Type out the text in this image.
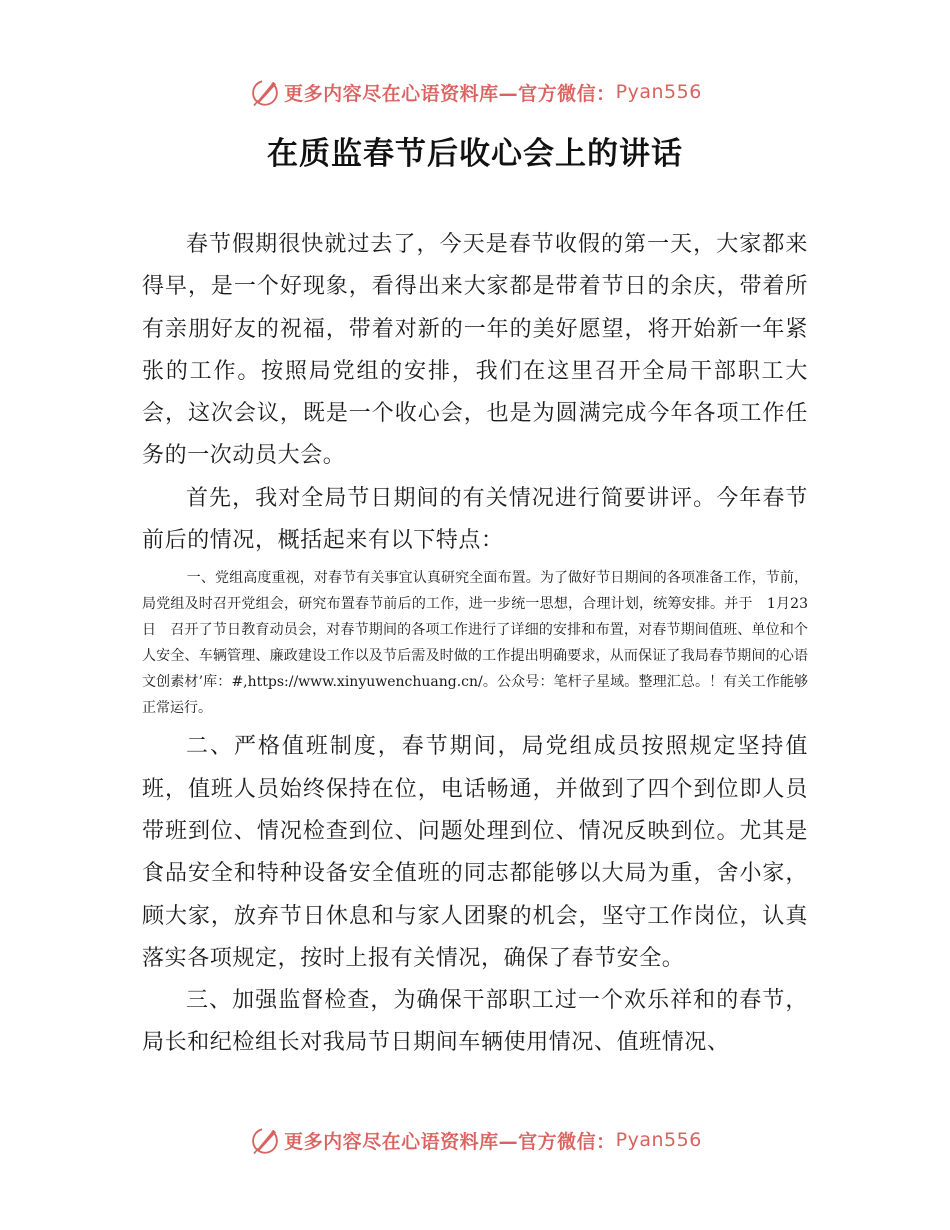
更多内容尽在心语资料库—官方微信： Pyan556
在质监春节后收心会上的讲话

春节假期很快就过去了，今天是春节收假的第一天，大家都来得早，是一个好现象，看得出来大家都是带着节日的余庆，带着所有亲朋好友的祝福，带着对新的一年的美好愿望，将开始新一年紧张的工作。按照局党组的安排，我们在这里召开全局干部职工大会，这次会议，既是一个收心会，也是为圆满完成今年各项工作任务的一次动员大会。

首先，我对全局节日期间的有关情况进行简要讲评。今年春节前后的情况，概括起来有以下特点：

一、党组高度重视，对春节有关事宜认真研究全面布置。为了做好节日期间的各项准备工作，节前，局党组及时召开党组会，研究布置春节前后的工作，进一步统一思想，合理计划，统筹安排。并于　1月23日　召开了节日教育动员会，对春节期间的各项工作进行了详细的安排和布置，对春节期间值班、单位和个人安全、车辆管理、廉政建设工作以及节后需及时做的工作提出明确要求，从而保证了我局春节期间的心语文创素材’库：#,https://www.xinyuwenchuang.cn/。公众号：笔杆子星域。整理汇总。！有关工作能够正常运行。

二、严格值班制度，春节期间，局党组成员按照规定坚持值班，值班人员始终保持在位，电话畅通，并做到了四个到位即人员带班到位、情况检查到位、问题处理到位、情况反映到位。尤其是食品安全和特种设备安全值班的同志都能够以大局为重，舍小家，顾大家，放弃节日休息和与家人团聚的机会，坚守工作岗位，认真落实各项规定，按时上报有关情况，确保了春节安全。

三、加强监督检查，为确保干部职工过一个欢乐祥和的春节，局长和纪检组长对我局节日期间车辆使用情况、值班情况、

更多内容尽在心语资料库—官方微信： Pyan556
